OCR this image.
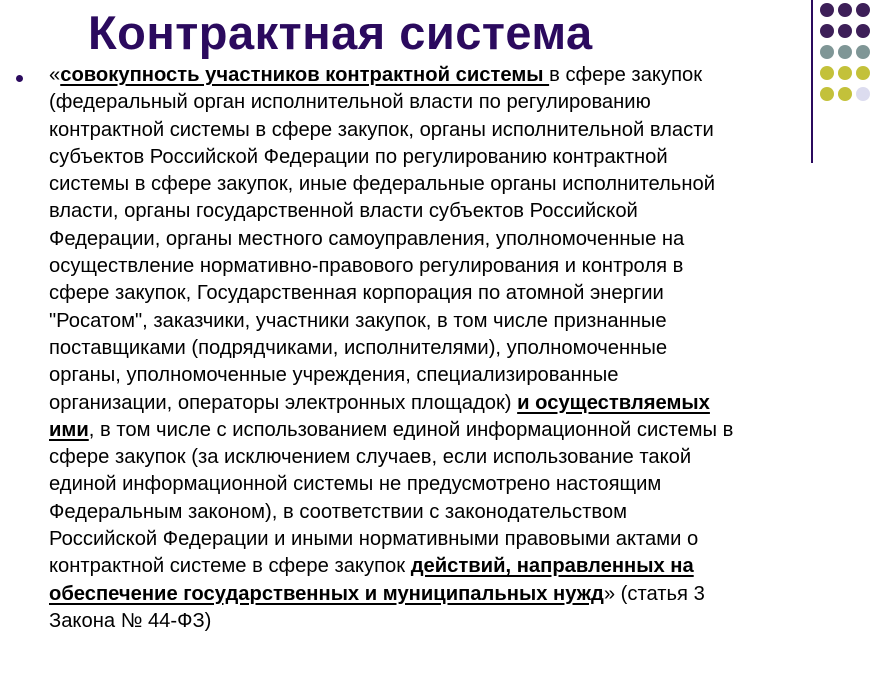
Контрактная система
«совокупность участников контрактной системы в сфере закупок
(федеральный орган исполнительной власти по регулированию
контрактной системы в сфере закупок, органы исполнительной власти
субъектов Российской Федерации по регулированию контрактной
системы в сфере закупок, иные федеральные органы исполнительной
власти, органы государственной власти субъектов Российской
Федерации, органы местного самоуправления, уполномоченные на
осуществление нормативно-правового регулирования и контроля в
сфере закупок, Государственная корпорация по атомной энергии
"Росатом", заказчики, участники закупок, в том числе признанные
поставщиками (подрядчиками, исполнителями), уполномоченные
органы, уполномоченные учреждения, специализированные
организации, операторы электронных площадок) и осуществляемых
ими, в том числе с использованием единой информационной системы в
сфере закупок (за исключением случаев, если использование такой
единой информационной системы не предусмотрено настоящим
Федеральным законом), в соответствии с законодательством
Российской Федерации и иными нормативными правовыми актами о
контрактной системе в сфере закупок действий, направленных на
обеспечение государственных и муниципальных нужд» (статья 3
Закона № 44-ФЗ)
